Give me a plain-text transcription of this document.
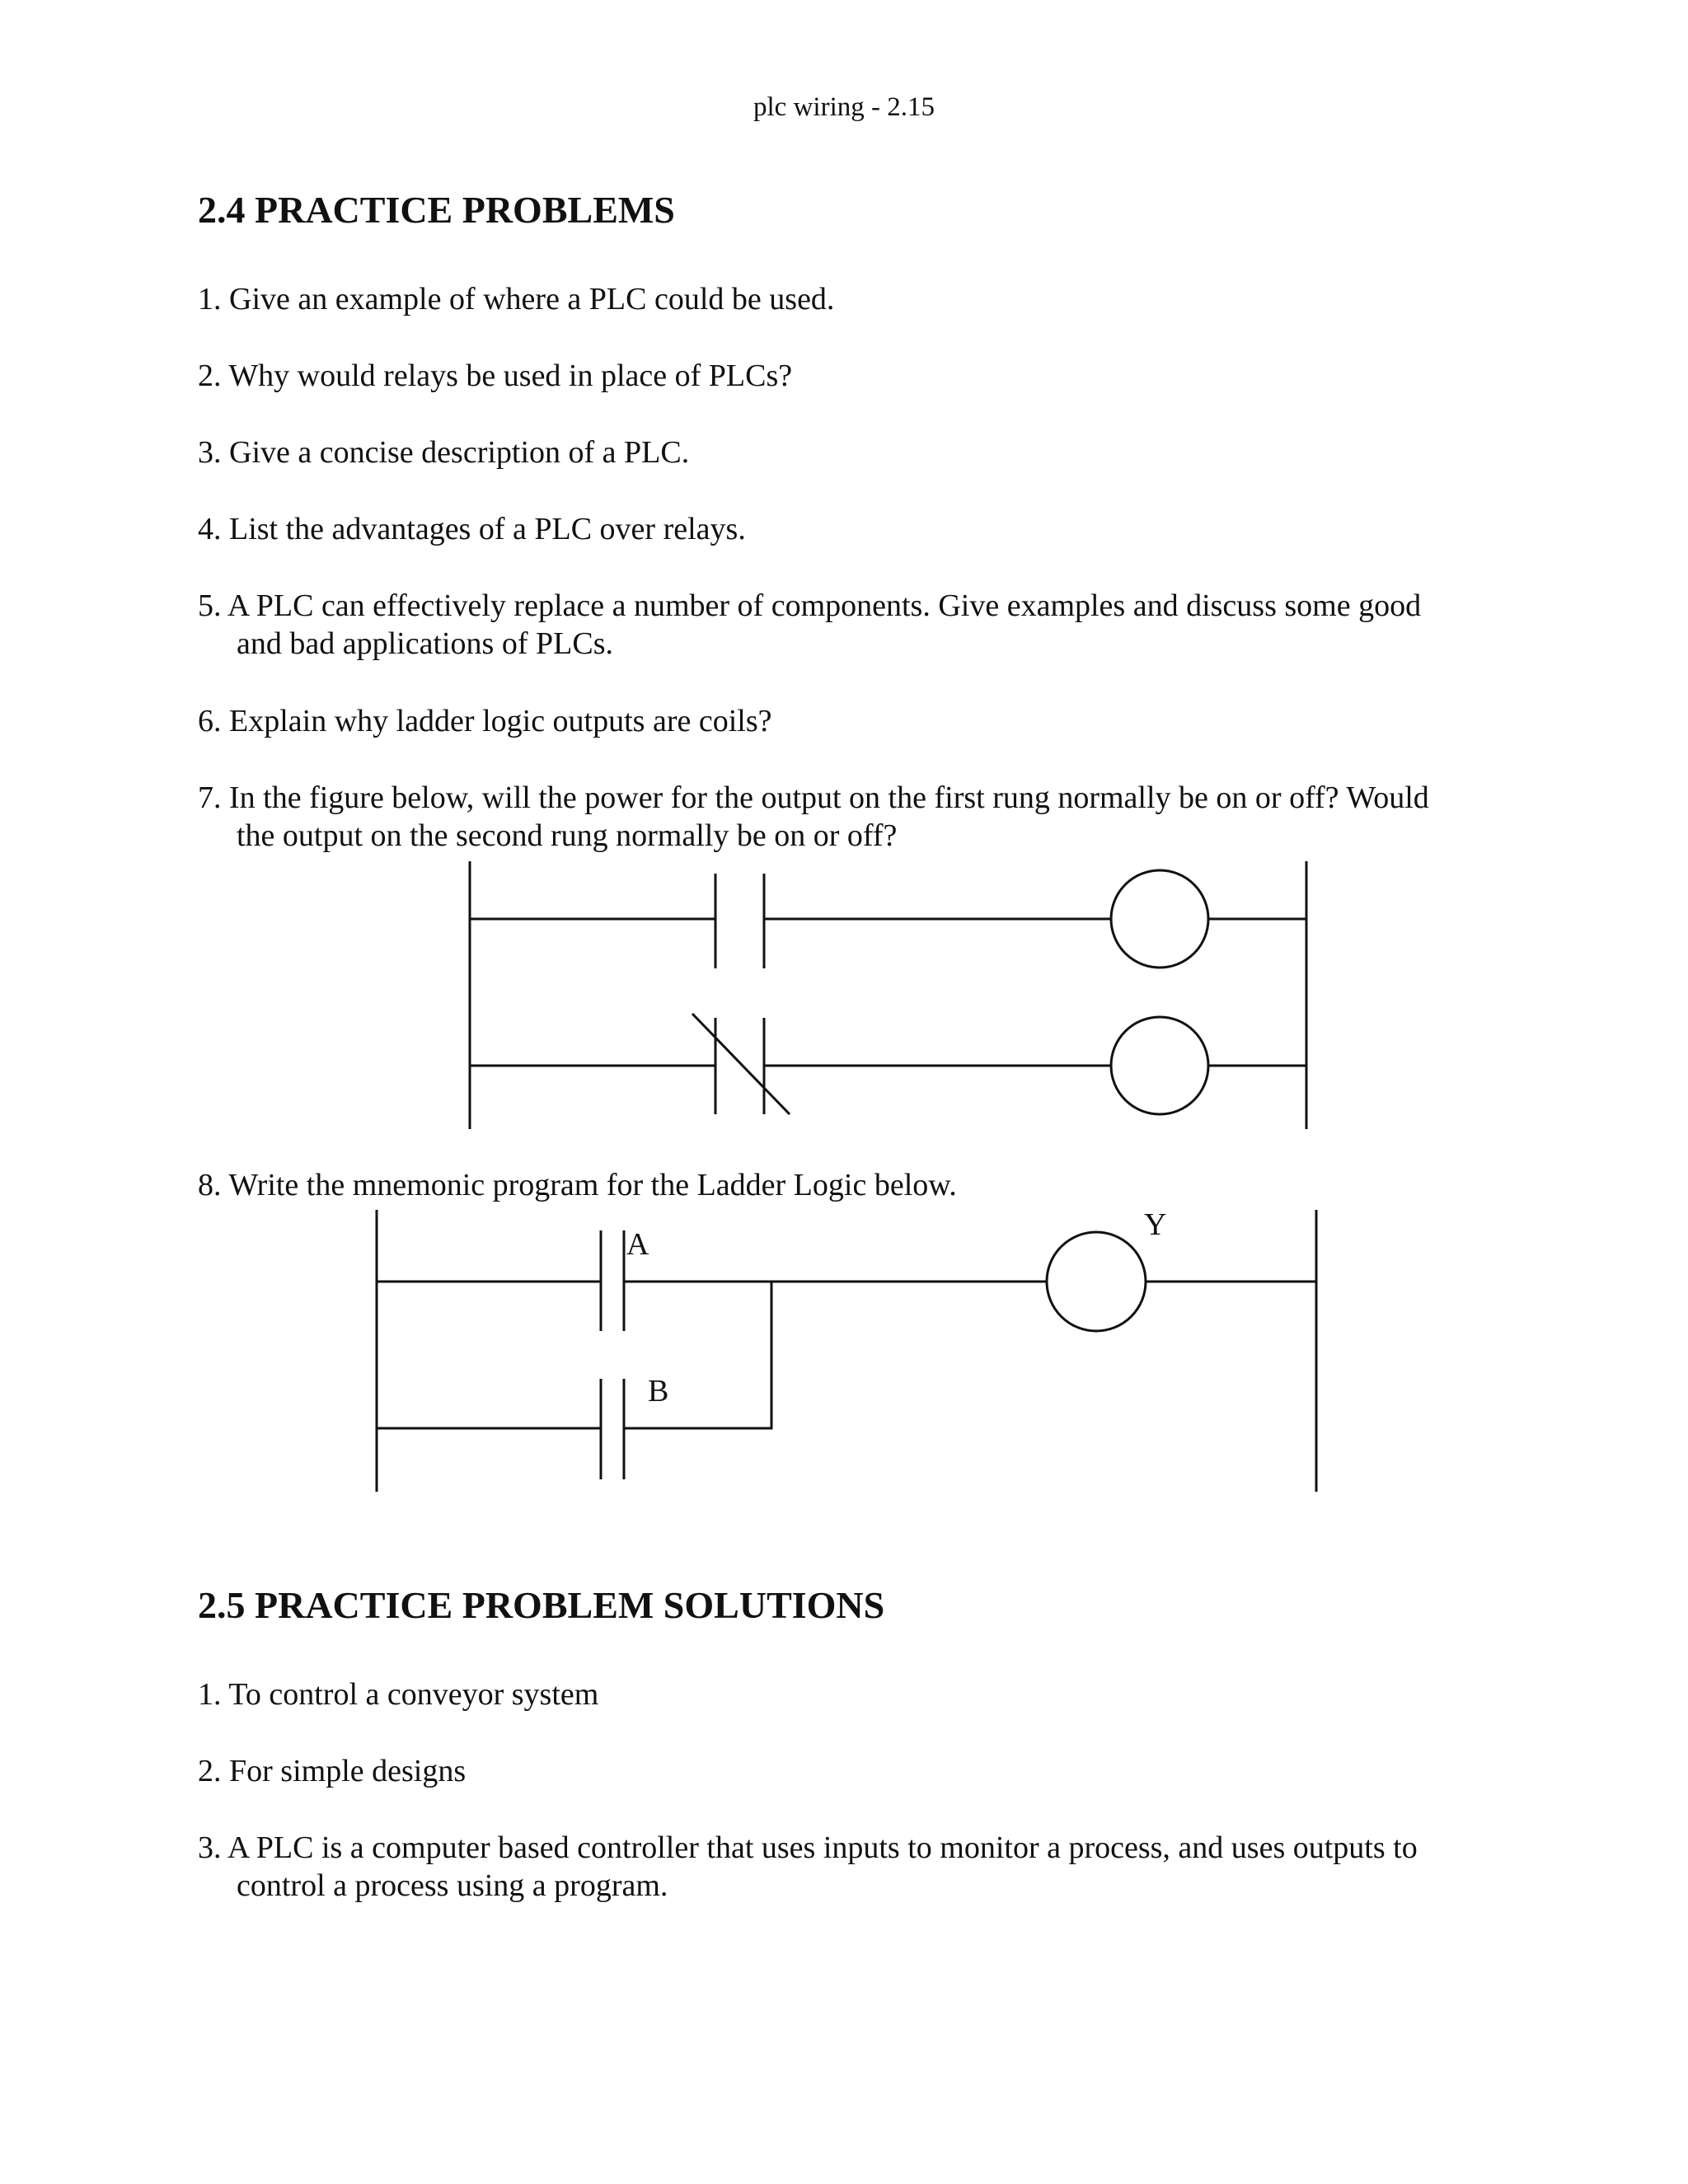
plc wiring - 2.15
2.4 PRACTICE PROBLEMS
1. Give an example of where a PLC could be used.
2. Why would relays be used in place of PLCs?
3. Give a concise description of a PLC.
4. List the advantages of a PLC over relays.
5. A PLC can effectively replace a number of components. Give examples and discuss some good
and bad applications of PLCs.
6. Explain why ladder logic outputs are coils?
7. In the figure below, will the power for the output on the first rung normally be on or off? Would
the output on the second rung normally be on or off?
8. Write the mnemonic program for the Ladder Logic below.
A
Y
B
2.5 PRACTICE PROBLEM SOLUTIONS
1. To control a conveyor system
2. For simple designs
3. A PLC is a computer based controller that uses inputs to monitor a process, and uses outputs to
control a process using a program.
